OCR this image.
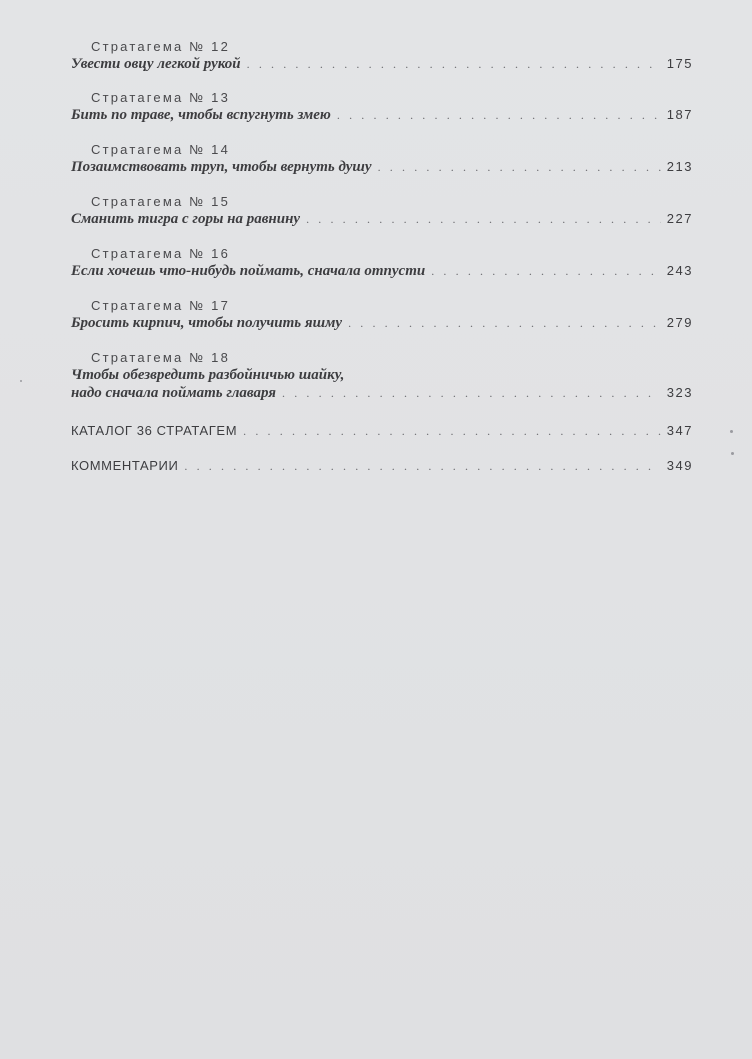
Стратагема № 12
Увести овцу легкой рукой . . .	175
Стратагема № 13
Бить по траве, чтобы вспугнуть змею . . .	187
Стратагема № 14
Позаимствовать труп, чтобы вернуть душу . . .	213
Стратагема № 15
Сманить тигра с горы на равнину . . .	227
Стратагема № 16
Если хочешь что-нибудь поймать, сначала отпусти . . .	243
Стратагема № 17
Бросить кирпич, чтобы получить яшму . . .	279
Стратагема № 18
Чтобы обезвредить разбойничью шайку,
надо сначала поймать главаря . . .	323
КАТАЛОГ 36 СТРАТАГЕМ . . .	347
КОММЕНТАРИИ . . .	349
